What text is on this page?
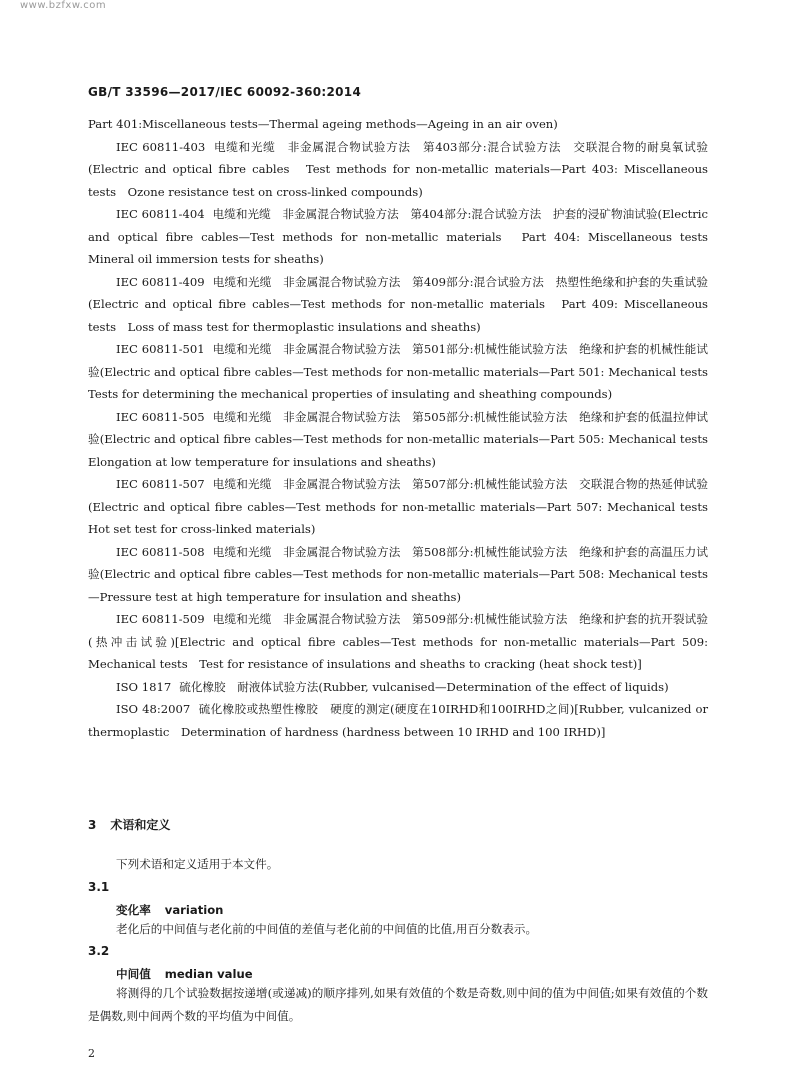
www.bzfxw.com
GB/T 33596—2017/IEC 60092-360:2014

Part 401:Miscellaneous tests—Thermal ageing methods—Ageing in an air oven)

IEC 60811-403 电缆和光缆　非金属混合物试验方法　第403部分:混合试验方法　交联混合物的耐臭氧试验(Electric and optical fibre cables　Test methods for non-metallic materials—Part 403: Miscellaneous tests　Ozone resistance test on cross-linked compounds)

IEC 60811-404 电缆和光缆　非金属混合物试验方法　第404部分:混合试验方法　护套的浸矿物油试验(Electric and optical fibre cables—Test methods for non-metallic materials　Part 404: Miscellaneous tests　Mineral oil immersion tests for sheaths)

IEC 60811-409 电缆和光缆　非金属混合物试验方法　第409部分:混合试验方法　热塑性绝缘和护套的失重试验(Electric and optical fibre cables—Test methods for non-metallic materials　Part 409: Miscellaneous tests　Loss of mass test for thermoplastic insulations and sheaths)

IEC 60811-501 电缆和光缆　非金属混合物试验方法　第501部分:机械性能试验方法　绝缘和护套的机械性能试验(Electric and optical fibre cables—Test methods for non-metallic materials—Part 501: Mechanical tests　Tests for determining the mechanical properties of insulating and sheathing compounds)

IEC 60811-505 电缆和光缆　非金属混合物试验方法　第505部分:机械性能试验方法　绝缘和护套的低温拉伸试验(Electric and optical fibre cables—Test methods for non-metallic materials—Part 505: Mechanical tests　Elongation at low temperature for insulations and sheaths)

IEC 60811-507 电缆和光缆　非金属混合物试验方法　第507部分:机械性能试验方法　交联混合物的热延伸试验(Electric and optical fibre cables—Test methods for non-metallic materials—Part 507: Mechanical tests　Hot set test for cross-linked materials)

IEC 60811-508 电缆和光缆　非金属混合物试验方法　第508部分:机械性能试验方法　绝缘和护套的高温压力试验(Electric and optical fibre cables—Test methods for non-metallic materials—Part 508: Mechanical tests—Pressure test at high temperature for insulation and sheaths)

IEC 60811-509 电缆和光缆　非金属混合物试验方法　第509部分:机械性能试验方法　绝缘和护套的抗开裂试验(热冲击试验)[Electric and optical fibre cables—Test methods for non-metallic materials—Part 509: Mechanical tests　Test for resistance of insulations and sheaths to cracking (heat shock test)]

ISO 1817 硫化橡胶　耐液体试验方法(Rubber, vulcanised—Determination of the effect of liquids)

ISO 48:2007 硫化橡胶或热塑性橡胶　硬度的测定(硬度在10IRHD和100IRHD之间)[Rubber, vulcanized or thermoplastic　Determination of hardness (hardness between 10 IRHD and 100 IRHD)]

3 术语和定义
下列术语和定义适用于本文件。
3.1
变化率 variation
老化后的中间值与老化前的中间值的差值与老化前的中间值的比值,用百分数表示。
3.2
中间值 median value
将测得的几个试验数据按递增(或递减)的顺序排列,如果有效值的个数是奇数,则中间的值为中间值;如果有效值的个数是偶数,则中间两个数的平均值为中间值。
2
